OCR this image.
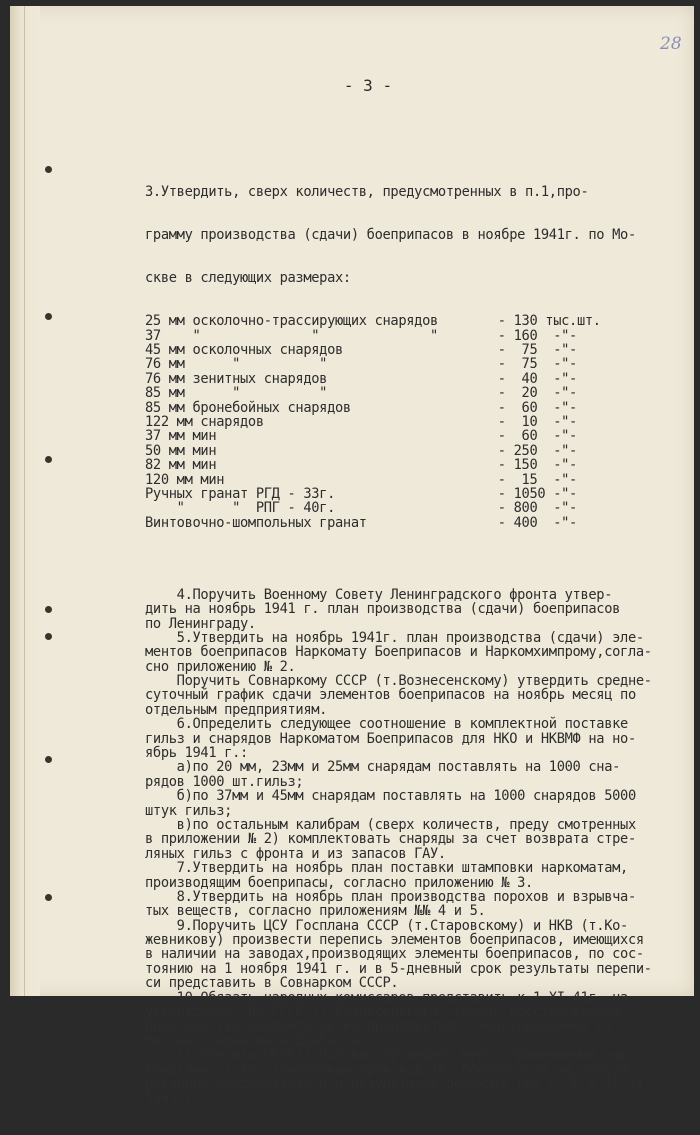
28
- 3 -

3.Утвердить, сверх количеств, предусмотренных в п.1,про-

грамму производства (сдачи) боеприпасов в ноябре 1941г. по Мо-

скве в следующих размерах:

25 мм осколочно-трассирующих снарядов	- 130 тыс.шт.
37    "              "              "	- 160  -"-
45 мм осколочных снарядов	-  75  -"-
76 мм      "          "	-  75  -"-
76 мм зенитных снарядов	-  40  -"-
85 мм      "          "	-  20  -"-
85 мм бронебойных снарядов	-  60  -"-
122 мм снарядов	-  10  -"-
37 мм мин	-  60  -"-
50 мм мин	- 250  -"-
82 мм мин	- 150  -"-
120 мм мин	-  15  -"-
Ручных гранат РГД - 33г.	- 1050 -"-
"      "  РПГ - 40г.	- 800  -"-
Винтовочно-шомпольных гранат	- 400  -"-

4.Поручить Военному Совету Ленинградского фронта утвер-
дить на ноябрь 1941 г. план производства (сдачи) боеприпасов
по Ленинграду.
5.Утвердить на ноябрь 1941г. план производства (сдачи) эле-
ментов боеприпасов Наркомату Боеприпасов и Наркомхимпрому,согла-
сно приложению № 2.
Поручить Совнаркому СССР (т.Вознесенскому) утвердить средне-
суточный график сдачи элементов боеприпасов на ноябрь месяц по
отдельным предприятиям.
6.Определить следующее соотношение в комплектной поставке
гильз и снарядов Наркоматом Боеприпасов для НКО и НКВМФ на но-
ябрь 1941 г.:
а)по 20 мм, 23мм и 25мм снарядам поставлять на 1000 сна-
рядов 1000 шт.гильз;
б)по 37мм и 45мм снарядам поставлять на 1000 снарядов 5000
штук гильз;
в)по остальным калибрам (сверх количеств, преду смотренных
в приложении № 2) комплектовать снаряды за счет возврата стре-
ляных гильз с фронта и из запасов ГАУ.
7.Утвердить на ноябрь план поставки штамповки наркоматам,
производящим боеприпасы, согласно приложению № 3.
8.Утвердить на ноябрь план производства порохов и взрывча-
тых веществ, согласно приложениям №№ 4 и 5.
9.Поручить ЦСУ Госплана СССР (т.Старовскому) и НКВ (т.Ко-
жевникову) произвести перепись элементов боеприпасов, имеющихся
в наличии на заводах,производящих элементы боеприпасов, по сос-
тоянию на 1 ноября 1941 г. и в 5-дневный срок результаты перепи-
си представить в Совнарком СССР.
10.Обязать народных комиссаров представить к 1.XI-41г. на
утверждение СНК СССР (т.Вознесенского) график восстановления
производства боеприпасов на предприятиях, эвакуированных из
Москвы, Харькова и Донбасса.
11.Обязать НКГК(т.Попова) проверить меры, принимаемые нар-
коматами, к восстановлению производства боеприпасов на эвакуи-
рованных предприятиях и о результатах доложить СНК СССР к 15.XI-
1941 г.
